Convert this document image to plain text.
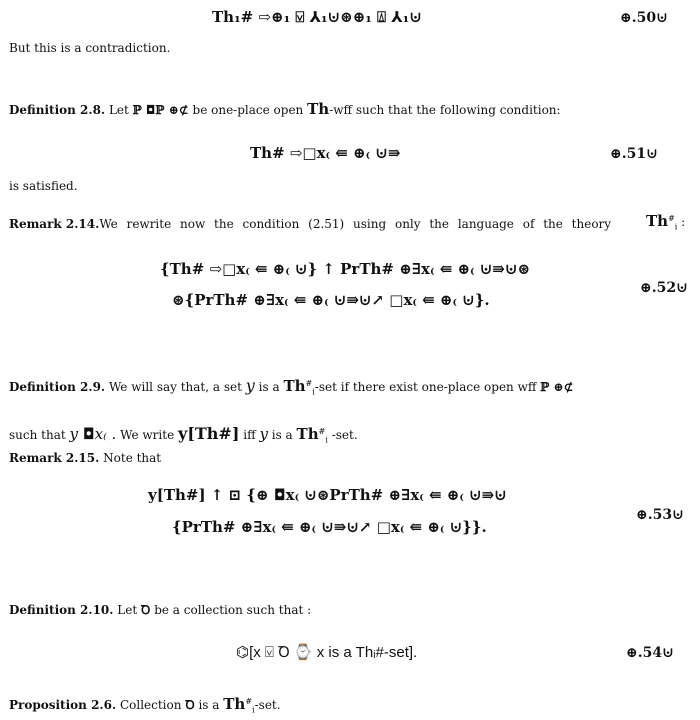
Th₁# ⇨⊕₁ ⍌ ⅄₁⊍⊛⊕₁ ⍍ ⅄₁⊍	⊕.50⊍
But this is a contradiction.
Definition 2.8. Let ℙ ◘ℙ ⊕⊄ be one-place open Th-wff such that the following condition:
Th# ⇨□x₍ ⇚ ⊕₍ ⊍⇛	⊕.51⊍
is satisfied.
Remark 2.14.We rewrite now the condition (2.51) using only the language of the theory $Th^{\#}_i$ :
{Th# ⇨□x₍ ⇚ ⊕₍ ⊍} ↑ PrTh# ⊕∃x₍ ⇚ ⊕₍ ⊍⇛⊍⊛
⊛{PrTh# ⊕∃x₍ ⇚ ⊕₍ ⊍⇛⊍↗ □x₍ ⇚ ⊕₍ ⊍}.
⊕.52⊍
Definition 2.9. We will say that, a set y is a $Th^{\#}_i$-set if there exist one-place open wff ℙ ⊕⊄
such that y ◘x₍ . We write y[Th#] iff y is a $Th^{\#}_i$ -set.
Remark 2.15. Note that
y[Th#] ↑ ⊡ {⊕ ◘x₍ ⊍⊛PrTh# ⊕∃x₍ ⇚ ⊕₍ ⊍⇛⊍
{PrTh# ⊕∃x₍ ⇚ ⊕₍ ⊍⇛⊍↗ □x₍ ⇚ ⊕₍ ⊍}}.
⊕.53⊍
Definition 2.10. Let Ꝺ be a collection such that :
⌬[x ⍌ Ꝺ ⌚ x is a Thᵢ#-set].	⊕.54⊍
Proposition 2.6. Collection Ꝺ is a $Th^{\#}_i$-set.
